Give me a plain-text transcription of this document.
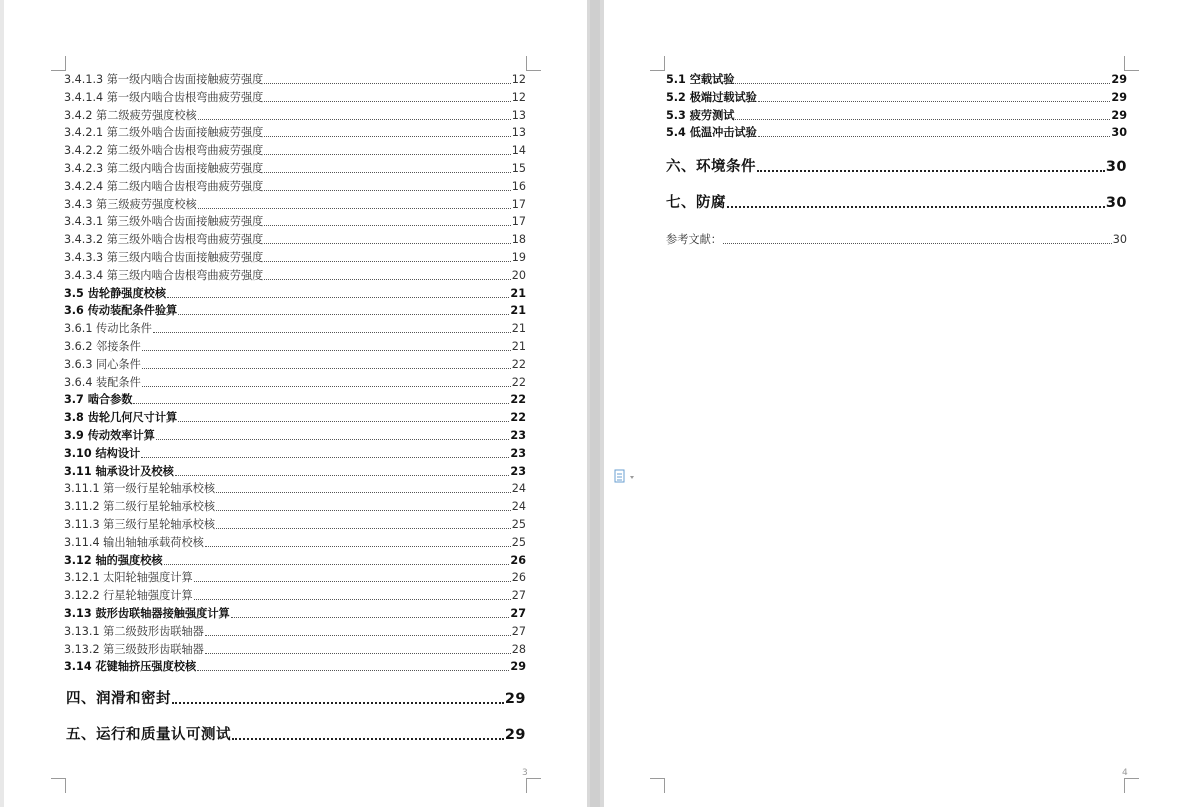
3.4.1.3 第一级内啮合齿面接触疲劳强度	12
3.4.1.4 第一级内啮合齿根弯曲疲劳强度	12
3.4.2 第二级疲劳强度校核	13
3.4.2.1 第二级外啮合齿面接触疲劳强度	13
3.4.2.2 第二级外啮合齿根弯曲疲劳强度	14
3.4.2.3 第二级内啮合齿面接触疲劳强度	15
3.4.2.4 第二级内啮合齿根弯曲疲劳强度	16
3.4.3 第三级疲劳强度校核	17
3.4.3.1 第三级外啮合齿面接触疲劳强度	17
3.4.3.2 第三级外啮合齿根弯曲疲劳强度	18
3.4.3.3 第三级内啮合齿面接触疲劳强度	19
3.4.3.4 第三级内啮合齿根弯曲疲劳强度	20
3.5 齿轮静强度校核	21
3.6 传动装配条件验算	21
3.6.1 传动比条件	21
3.6.2 邻接条件	21
3.6.3 同心条件	22
3.6.4 装配条件	22
3.7 啮合参数	22
3.8 齿轮几何尺寸计算	22
3.9 传动效率计算	23
3.10 结构设计	23
3.11 轴承设计及校核	23
3.11.1 第一级行星轮轴承校核	24
3.11.2 第二级行星轮轴承校核	24
3.11.3 第三级行星轮轴承校核	25
3.11.4 输出轴轴承载荷校核	25
3.12 轴的强度校核	26
3.12.1 太阳轮轴强度计算	26
3.12.2 行星轮轴强度计算	27
3.13 鼓形齿联轴器接触强度计算	27
3.13.1 第二级鼓形齿联轴器	27
3.13.2 第三级鼓形齿联轴器	28
3.14 花键轴挤压强度校核	29
四、润滑和密封	29
五、运行和质量认可测试	29
3
5.1 空载试验	29
5.2 极端过载试验	29
5.3 疲劳测试	29
5.4 低温冲击试验	30
六、环境条件	30
七、防腐	30
参考文献：	30
4
